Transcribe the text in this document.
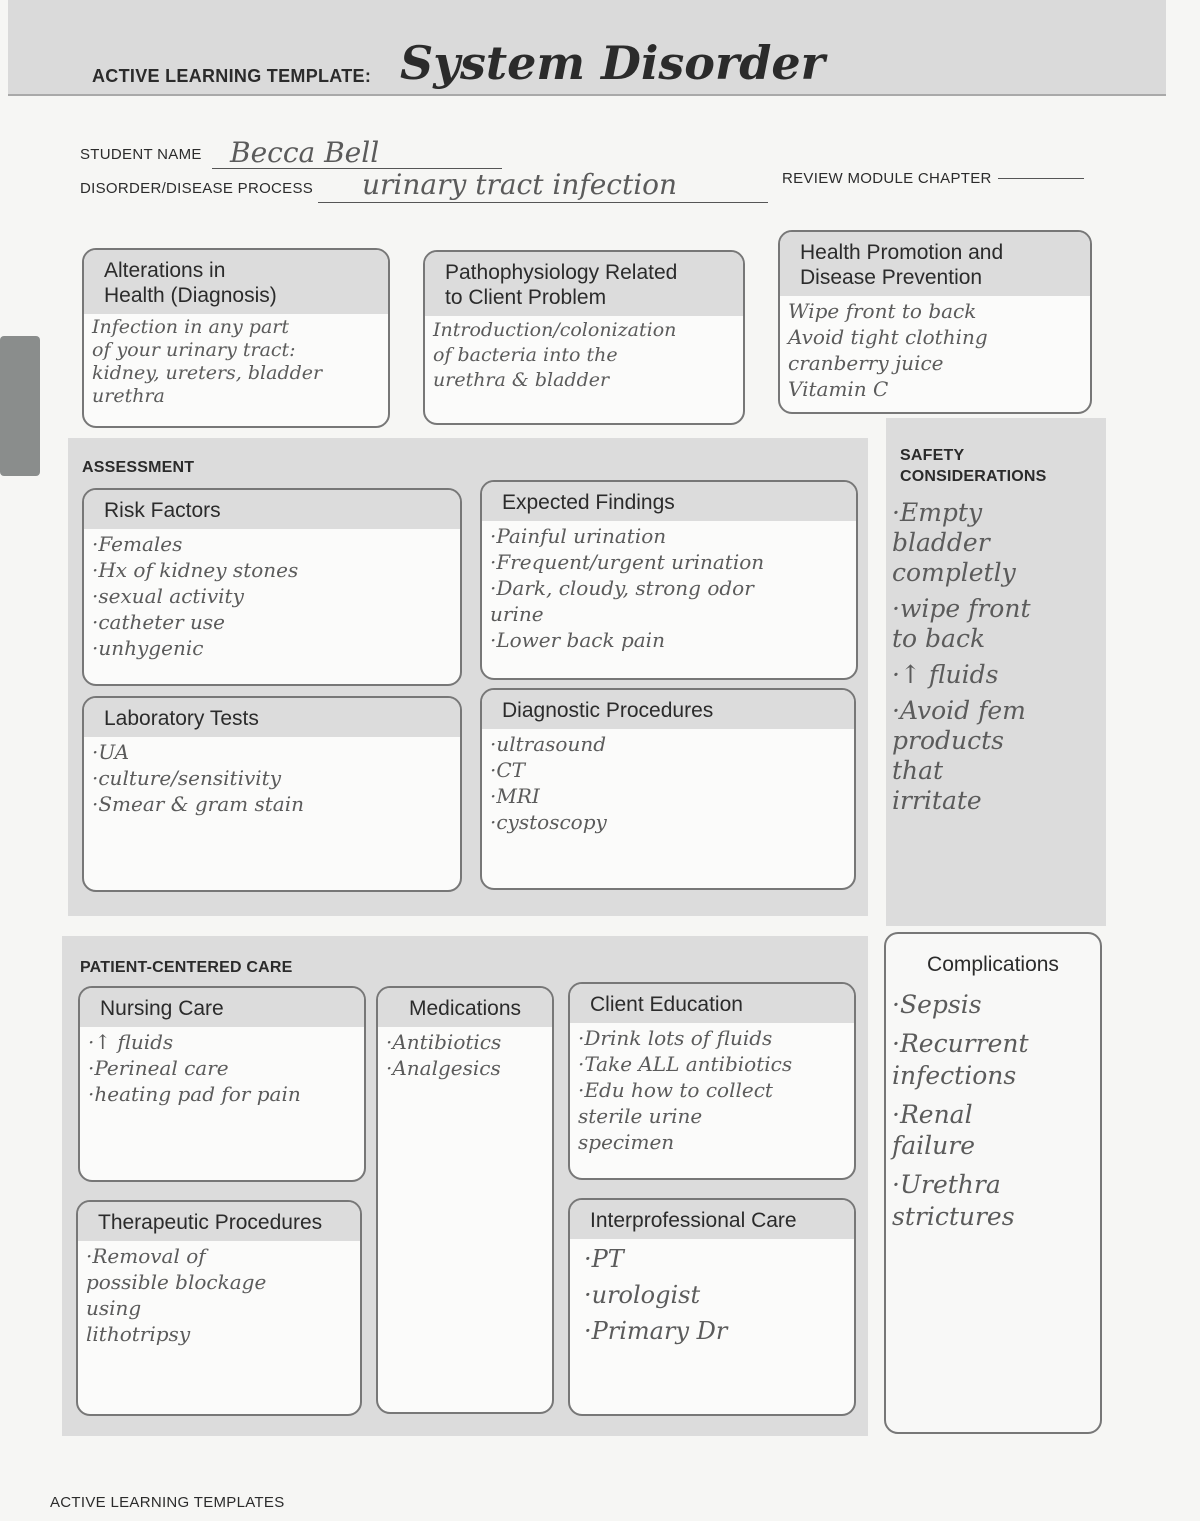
ACTIVE LEARNING TEMPLATE: System Disorder
STUDENT NAME Becca Bell
DISORDER/DISEASE PROCESS urinary tract infection	REVIEW MODULE CHAPTER
Alterations in
Health (Diagnosis)
Infection in any part
of your urinary tract:
kidney, ureters, bladder
urethra
Pathophysiology Related
to Client Problem
Introduction/colonization
of bacteria into the
urethra & bladder
Health Promotion and
Disease Prevention
Wipe front to back
Avoid tight clothing
cranberry juice
Vitamin C
ASSESSMENT
SAFETY
CONSIDERATIONS
·Empty
bladder
completly
·wipe front
to back
·↑ fluids
·Avoid fem
products
that
irritate
Risk Factors
·Females
·Hx of kidney stones
·sexual activity
·catheter use
·unhygenic
Expected Findings
·Painful urination
·Frequent/urgent urination
·Dark, cloudy, strong odor
urine
·Lower back pain
Laboratory Tests
·UA
·culture/sensitivity
·Smear & gram stain
Diagnostic Procedures
·ultrasound
·CT
·MRI
·cystoscopy
PATIENT-CENTERED CARE
Nursing Care
·↑ fluids
·Perineal care
·heating pad for pain
Medications
·Antibiotics
·Analgesics
Client Education
·Drink lots of fluids
·Take ALL antibiotics
·Edu how to collect
sterile urine
specimen
Therapeutic Procedures
·Removal of
possible blockage
using
lithotripsy
Interprofessional Care
·PT
·urologist
·Primary Dr
Complications
·Sepsis
·Recurrent
infections
·Renal
failure
·Urethra
strictures
ACTIVE LEARNING TEMPLATES
